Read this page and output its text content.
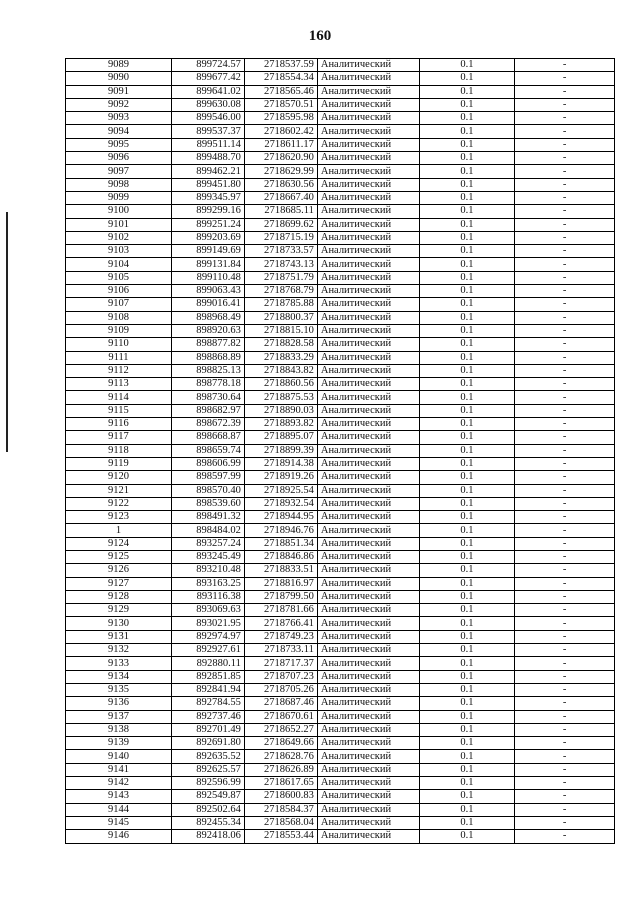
160
9089	899724.57	2718537.59	Аналитический	0.1	-
9090	899677.42	2718554.34	Аналитический	0.1	-
9091	899641.02	2718565.46	Аналитический	0.1	-
9092	899630.08	2718570.51	Аналитический	0.1	-
9093	899546.00	2718595.98	Аналитический	0.1	-
9094	899537.37	2718602.42	Аналитический	0.1	-
9095	899511.14	2718611.17	Аналитический	0.1	-
9096	899488.70	2718620.90	Аналитический	0.1	-
9097	899462.21	2718629.99	Аналитический	0.1	-
9098	899451.80	2718630.56	Аналитический	0.1	-
9099	899345.97	2718667.40	Аналитический	0.1	-
9100	899299.16	2718685.11	Аналитический	0.1	-
9101	899251.24	2718699.62	Аналитический	0.1	-
9102	899203.69	2718715.19	Аналитический	0.1	-
9103	899149.69	2718733.57	Аналитический	0.1	-
9104	899131.84	2718743.13	Аналитический	0.1	-
9105	899110.48	2718751.79	Аналитический	0.1	-
9106	899063.43	2718768.79	Аналитический	0.1	-
9107	899016.41	2718785.88	Аналитический	0.1	-
9108	898968.49	2718800.37	Аналитический	0.1	-
9109	898920.63	2718815.10	Аналитический	0.1	-
9110	898877.82	2718828.58	Аналитический	0.1	-
9111	898868.89	2718833.29	Аналитический	0.1	-
9112	898825.13	2718843.82	Аналитический	0.1	-
9113	898778.18	2718860.56	Аналитический	0.1	-
9114	898730.64	2718875.53	Аналитический	0.1	-
9115	898682.97	2718890.03	Аналитический	0.1	-
9116	898672.39	2718893.82	Аналитический	0.1	-
9117	898668.87	2718895.07	Аналитический	0.1	-
9118	898659.74	2718899.39	Аналитический	0.1	-
9119	898606.99	2718914.38	Аналитический	0.1	-
9120	898597.99	2718919.26	Аналитический	0.1	-
9121	898570.40	2718925.54	Аналитический	0.1	-
9122	898539.60	2718932.54	Аналитический	0.1	-
9123	898491.32	2718944.95	Аналитический	0.1	-
1	898484.02	2718946.76	Аналитический	0.1	-
9124	893257.24	2718851.34	Аналитический	0.1	-
9125	893245.49	2718846.86	Аналитический	0.1	-
9126	893210.48	2718833.51	Аналитический	0.1	-
9127	893163.25	2718816.97	Аналитический	0.1	-
9128	893116.38	2718799.50	Аналитический	0.1	-
9129	893069.63	2718781.66	Аналитический	0.1	-
9130	893021.95	2718766.41	Аналитический	0.1	-
9131	892974.97	2718749.23	Аналитический	0.1	-
9132	892927.61	2718733.11	Аналитический	0.1	-
9133	892880.11	2718717.37	Аналитический	0.1	-
9134	892851.85	2718707.23	Аналитический	0.1	-
9135	892841.94	2718705.26	Аналитический	0.1	-
9136	892784.55	2718687.46	Аналитический	0.1	-
9137	892737.46	2718670.61	Аналитический	0.1	-
9138	892701.49	2718652.27	Аналитический	0.1	-
9139	892691.80	2718649.66	Аналитический	0.1	-
9140	892635.52	2718628.76	Аналитический	0.1	-
9141	892625.57	2718626.89	Аналитический	0.1	-
9142	892596.99	2718617.65	Аналитический	0.1	-
9143	892549.87	2718600.83	Аналитический	0.1	-
9144	892502.64	2718584.37	Аналитический	0.1	-
9145	892455.34	2718568.04	Аналитический	0.1	-
9146	892418.06	2718553.44	Аналитический	0.1	-
